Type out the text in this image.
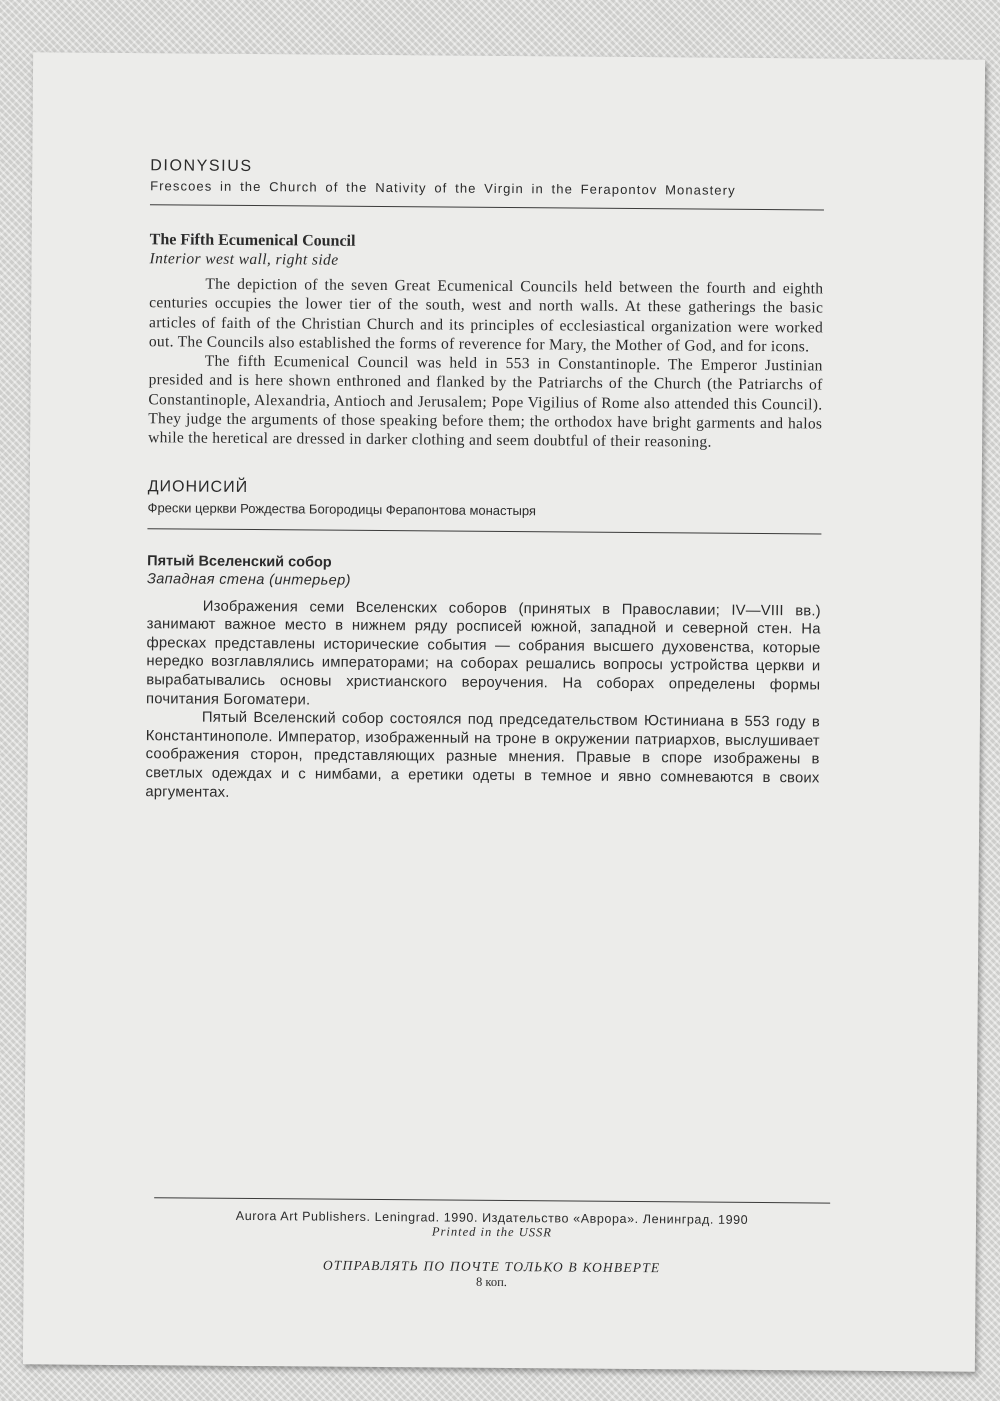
DIONYSIUS
Frescoes in the Church of the Nativity of the Virgin in the Ferapontov Monastery
The Fifth Ecumenical Council
Interior west wall, right side

The depiction of the seven Great Ecumenical Councils held between the fourth and eighth centuries occupies the lower tier of the south, west and north walls. At these gatherings the basic articles of faith of the Christian Church and its principles of ecclesiastical organization were worked out. The Councils also established the forms of reverence for Mary, the Mother of God, and for icons.

The fifth Ecumenical Council was held in 553 in Constantinople. The Emperor Justinian presided and is here shown enthroned and flanked by the Patriarchs of the Church (the Patriarchs of Constantinople, Alexandria, Antioch and Jerusalem; Pope Vigilius of Rome also attended this Council). They judge the arguments of those speaking before them; the orthodox have bright garments and halos while the heretical are dressed in darker clothing and seem doubtful of their reasoning.

ДИОНИСИЙ
Фрески церкви Рождества Богородицы Ферапонтова монастыря
Пятый Вселенский собор
Западная стена (интерьер)

Изображения семи Вселенских соборов (принятых в Православии; IV—VIII вв.) занимают важное место в нижнем ряду росписей южной, западной и северной стен. На фресках представлены исторические события — собрания высшего духовенства, которые нередко возглавлялись императорами; на соборах решались вопросы устройства церкви и вырабатывались основы христианского вероучения. На соборах определены формы почитания Богоматери.

Пятый Вселенский собор состоялся под председательством Юстиниана в 553 году в Константинополе. Император, изображенный на троне в окружении патриархов, выслушивает соображения сторон, представляющих разные мнения. Правые в споре изображены в светлых одеждах и с нимбами, а еретики одеты в темное и явно сомневаются в своих аргументах.

Aurora Art Publishers. Leningrad. 1990. Издательство «Аврора». Ленинград. 1990
Printed in the USSR
ОТПРАВЛЯТЬ ПО ПОЧТЕ ТОЛЬКО В КОНВЕРТЕ
8 коп.
